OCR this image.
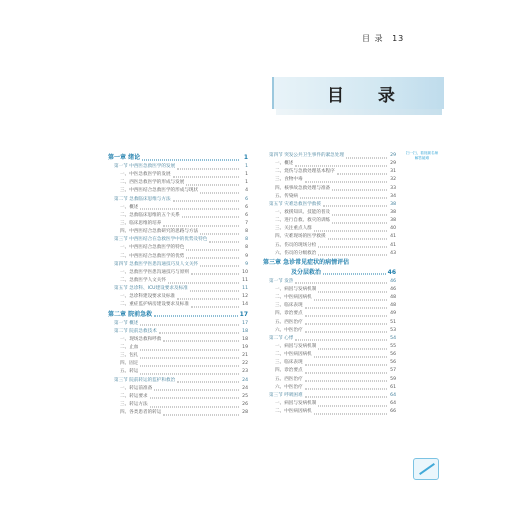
目 录 13
目 录
第一章 绪论	1
第一节 中西医急救医学的发展	1
一、中医急救医学的发展	1
二、西医急救医学的形成与发展	1
三、中西医结合急救医学的形成与现状	4
第二节 急救临床思维与方法	6
一、概述	6
二、急救临床思维的五个关系	6
三、临床思维的培养	7
四、中西医结合急救研究的思路与方法	8
第三节 中西医结合在急救医学中的优势及特色	8
一、中西医结合急救医学的特色	8
二、中西医结合急救医学的优势	9
第四节 急救医学医患沟通技巧及人文关怀	9
一、急救医学医患沟通技巧与原则	10
二、急救医学人文关怀	11
第五节 急诊科、ICU建设要求及标准	11
一、急诊科建设要求及标准	12
二、重症监护病房建设要求及标准	14
第二章 院前急救	17
第一节 概述	17
第二节 院前急救技术	18
一、现场急救和呼救	18
二、止血	19
三、包扎	21
四、固定	22
五、转运	23
第三节 院前转运的监护和救治	24
一、转运前准备	24
二、转运要求	25
三、转运方法	26
四、各类患者的转运	28
第四节 突发公共卫生事件的紧急处理	29
一、概述	29
二、烧伤与急救处理基本程序	31
三、食物中毒	32
四、核事故急救处理与准备	33
五、传染病	34
第五节 灾难急救医学救援	38
一、救援知识、技能的普及	38
二、进行自救、救灾的训练	38
三、关注重点人群	40
四、灾难现场的医学救援	41
五、伤员的现场分检	41
六、伤员的分级救治	43
第三章 急诊常见症状的病情评估
及分层救治	46
第一节 发热	46
一、病因与发病机制	46
二、中医病因病机	48
三、临床表现	48
四、诊治要点	49
五、西医治疗	51
六、中医治疗	53
第二节 心悸	54
一、病因与发病机制	55
二、中医病因病机	56
三、临床表现	56
四、诊治要点	57
五、西医治疗	59
六、中医治疗	61
第三节 呼吸困难	64
一、病因与发病机制	64
二、中医病因病机	66
扫一扫，看视频名师解答疑难
